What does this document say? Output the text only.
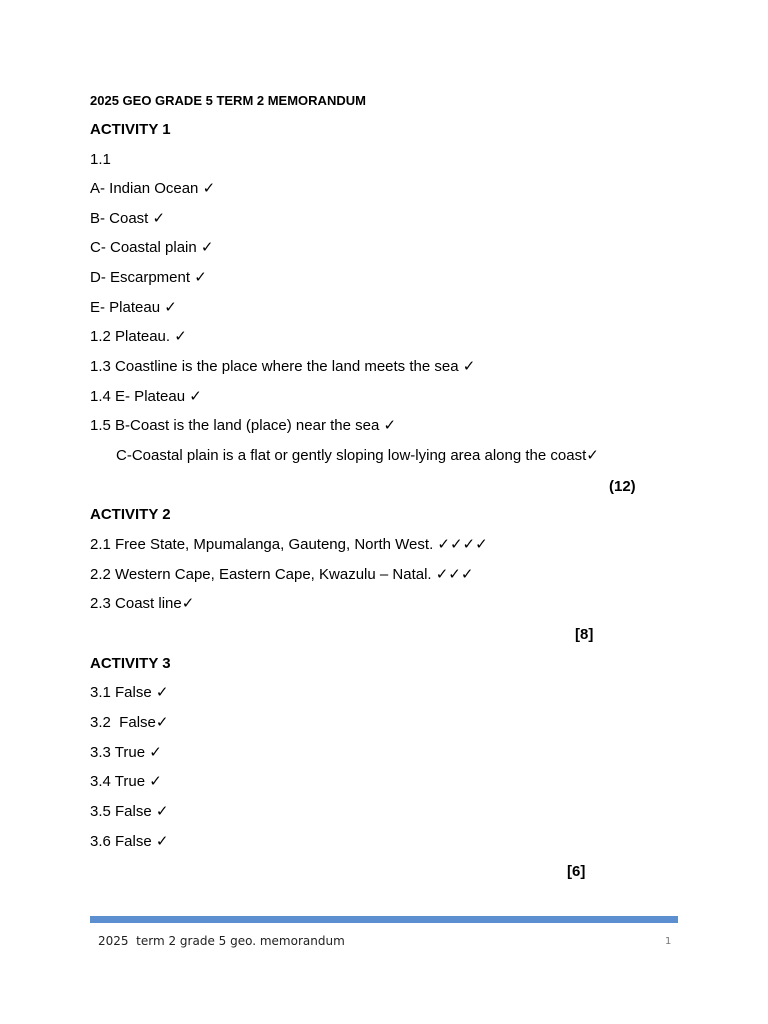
2025 GEO GRADE 5 TERM 2 MEMORANDUM
ACTIVITY 1
1.1
A- Indian Ocean ✓
B- Coast ✓
C- Coastal plain ✓
D- Escarpment ✓
E- Plateau ✓
1.2 Plateau. ✓
1.3 Coastline is the place where the land meets the sea ✓
1.4 E- Plateau ✓
1.5 B-Coast is the land (place) near the sea ✓
C-Coastal plain is a flat or gently sloping low-lying area along the coast✓
(12)
ACTIVITY 2
2.1 Free State, Mpumalanga, Gauteng, North West. ✓✓✓✓
2.2 Western Cape, Eastern Cape, Kwazulu – Natal. ✓✓✓
2.3 Coast line✓
[8]
ACTIVITY 3
3.1 False ✓
3.2  False✓
3.3 True ✓
3.4 True ✓
3.5 False ✓
3.6 False ✓
[6]
2025  term 2 grade 5 geo. memorandum	1
